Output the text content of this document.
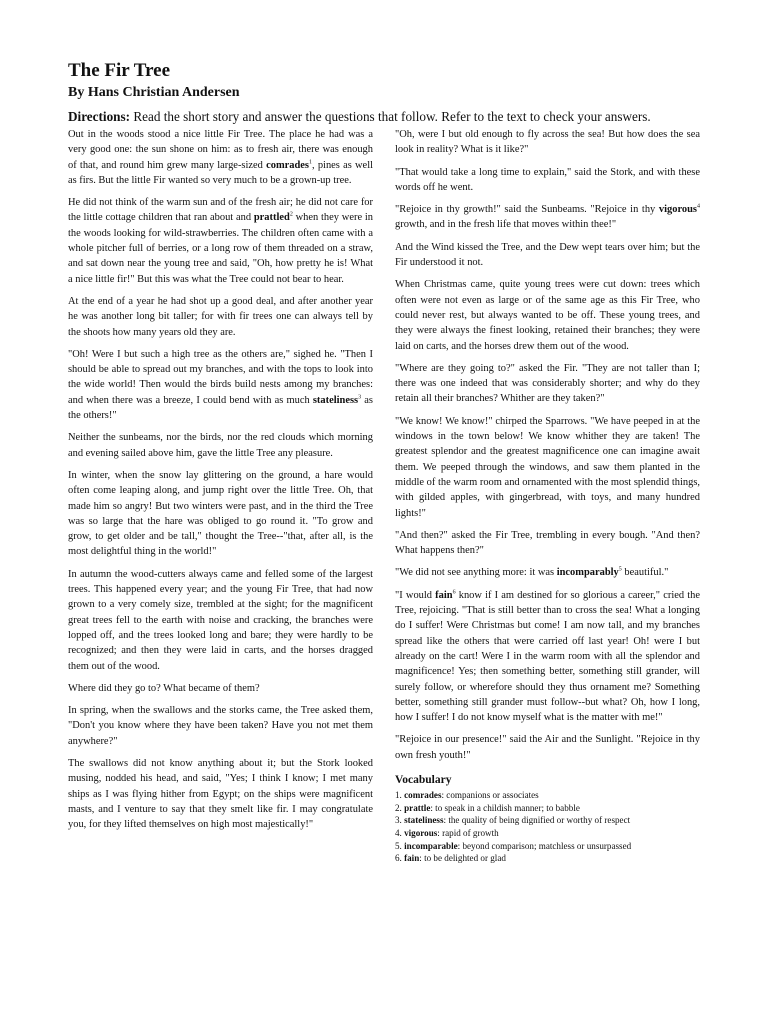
The Fir Tree
By Hans Christian Andersen
Directions: Read the short story and answer the questions that follow. Refer to the text to check your answers.

Out in the woods stood a nice little Fir Tree. The place he had was a very good one: the sun shone on him: as to fresh air, there was enough of that, and round him grew many large-sized comrades$^1$, pines as well as firs. But the little Fir wanted so very much to be a grown-up tree.

He did not think of the warm sun and of the fresh air; he did not care for the little cottage children that ran about and prattled$^2$ when they were in the woods looking for wild-strawberries. The children often came with a whole pitcher full of berries, or a long row of them threaded on a straw, and sat down near the young tree and said, "Oh, how pretty he is! What a nice little fir!" But this was what the Tree could not bear to hear.

At the end of a year he had shot up a good deal, and after another year he was another long bit taller; for with fir trees one can always tell by the shoots how many years old they are.

"Oh! Were I but such a high tree as the others are," sighed he. "Then I should be able to spread out my branches, and with the tops to look into the wide world! Then would the birds build nests among my branches: and when there was a breeze, I could bend with as much stateliness$^3$ as the others!"

Neither the sunbeams, nor the birds, nor the red clouds which morning and evening sailed above him, gave the little Tree any pleasure.

In winter, when the snow lay glittering on the ground, a hare would often come leaping along, and jump right over the little Tree. Oh, that made him so angry! But two winters were past, and in the third the Tree was so large that the hare was obliged to go round it. "To grow and grow, to get older and be tall," thought the Tree--"that, after all, is the most delightful thing in the world!"

In autumn the wood-cutters always came and felled some of the largest trees. This happened every year; and the young Fir Tree, that had now grown to a very comely size, trembled at the sight; for the magnificent great trees fell to the earth with noise and cracking, the branches were lopped off, and the trees looked long and bare; they were hardly to be recognized; and then they were laid in carts, and the horses dragged them out of the wood.

Where did they go to? What became of them?

In spring, when the swallows and the storks came, the Tree asked them, "Don't you know where they have been taken? Have you not met them anywhere?"

The swallows did not know anything about it; but the Stork looked musing, nodded his head, and said, "Yes; I think I know; I met many ships as I was flying hither from Egypt; on the ships were magnificent masts, and I venture to say that they smelt like fir. I may congratulate you, for they lifted themselves on high most majestically!"

"Oh, were I but old enough to fly across the sea! But how does the sea look in reality? What is it like?"

"That would take a long time to explain," said the Stork, and with these words off he went.

"Rejoice in thy growth!" said the Sunbeams. "Rejoice in thy vigorous$^4$ growth, and in the fresh life that moves within thee!"

And the Wind kissed the Tree, and the Dew wept tears over him; but the Fir understood it not.

When Christmas came, quite young trees were cut down: trees which often were not even as large or of the same age as this Fir Tree, who could never rest, but always wanted to be off. These young trees, and they were always the finest looking, retained their branches; they were laid on carts, and the horses drew them out of the wood.

"Where are they going to?" asked the Fir. "They are not taller than I; there was one indeed that was considerably shorter; and why do they retain all their branches? Whither are they taken?"

"We know! We know!" chirped the Sparrows. "We have peeped in at the windows in the town below! We know whither they are taken! The greatest splendor and the greatest magnificence one can imagine await them. We peeped through the windows, and saw them planted in the middle of the warm room and ornamented with the most splendid things, with gilded apples, with gingerbread, with toys, and many hundred lights!"

"And then?" asked the Fir Tree, trembling in every bough. "And then? What happens then?"

"We did not see anything more: it was incomparably$^5$ beautiful."

"I would fain$^6$ know if I am destined for so glorious a career," cried the Tree, rejoicing. "That is still better than to cross the sea! What a longing do I suffer! Were Christmas but come! I am now tall, and my branches spread like the others that were carried off last year! Oh! were I but already on the cart! Were I in the warm room with all the splendor and magnificence! Yes; then something better, something still grander, will surely follow, or wherefore should they thus ornament me? Something better, something still grander must follow--but what? Oh, how I long, how I suffer! I do not know myself what is the matter with me!"

"Rejoice in our presence!" said the Air and the Sunlight. "Rejoice in thy own fresh youth!"

Vocabulary
1. comrades: companions or associates
2. prattle: to speak in a childish manner; to babble
3. stateliness: the quality of being dignified or worthy of respect
4. vigorous: rapid of growth
5. incomparable: beyond comparison; matchless or unsurpassed
6. fain: to be delighted or glad
